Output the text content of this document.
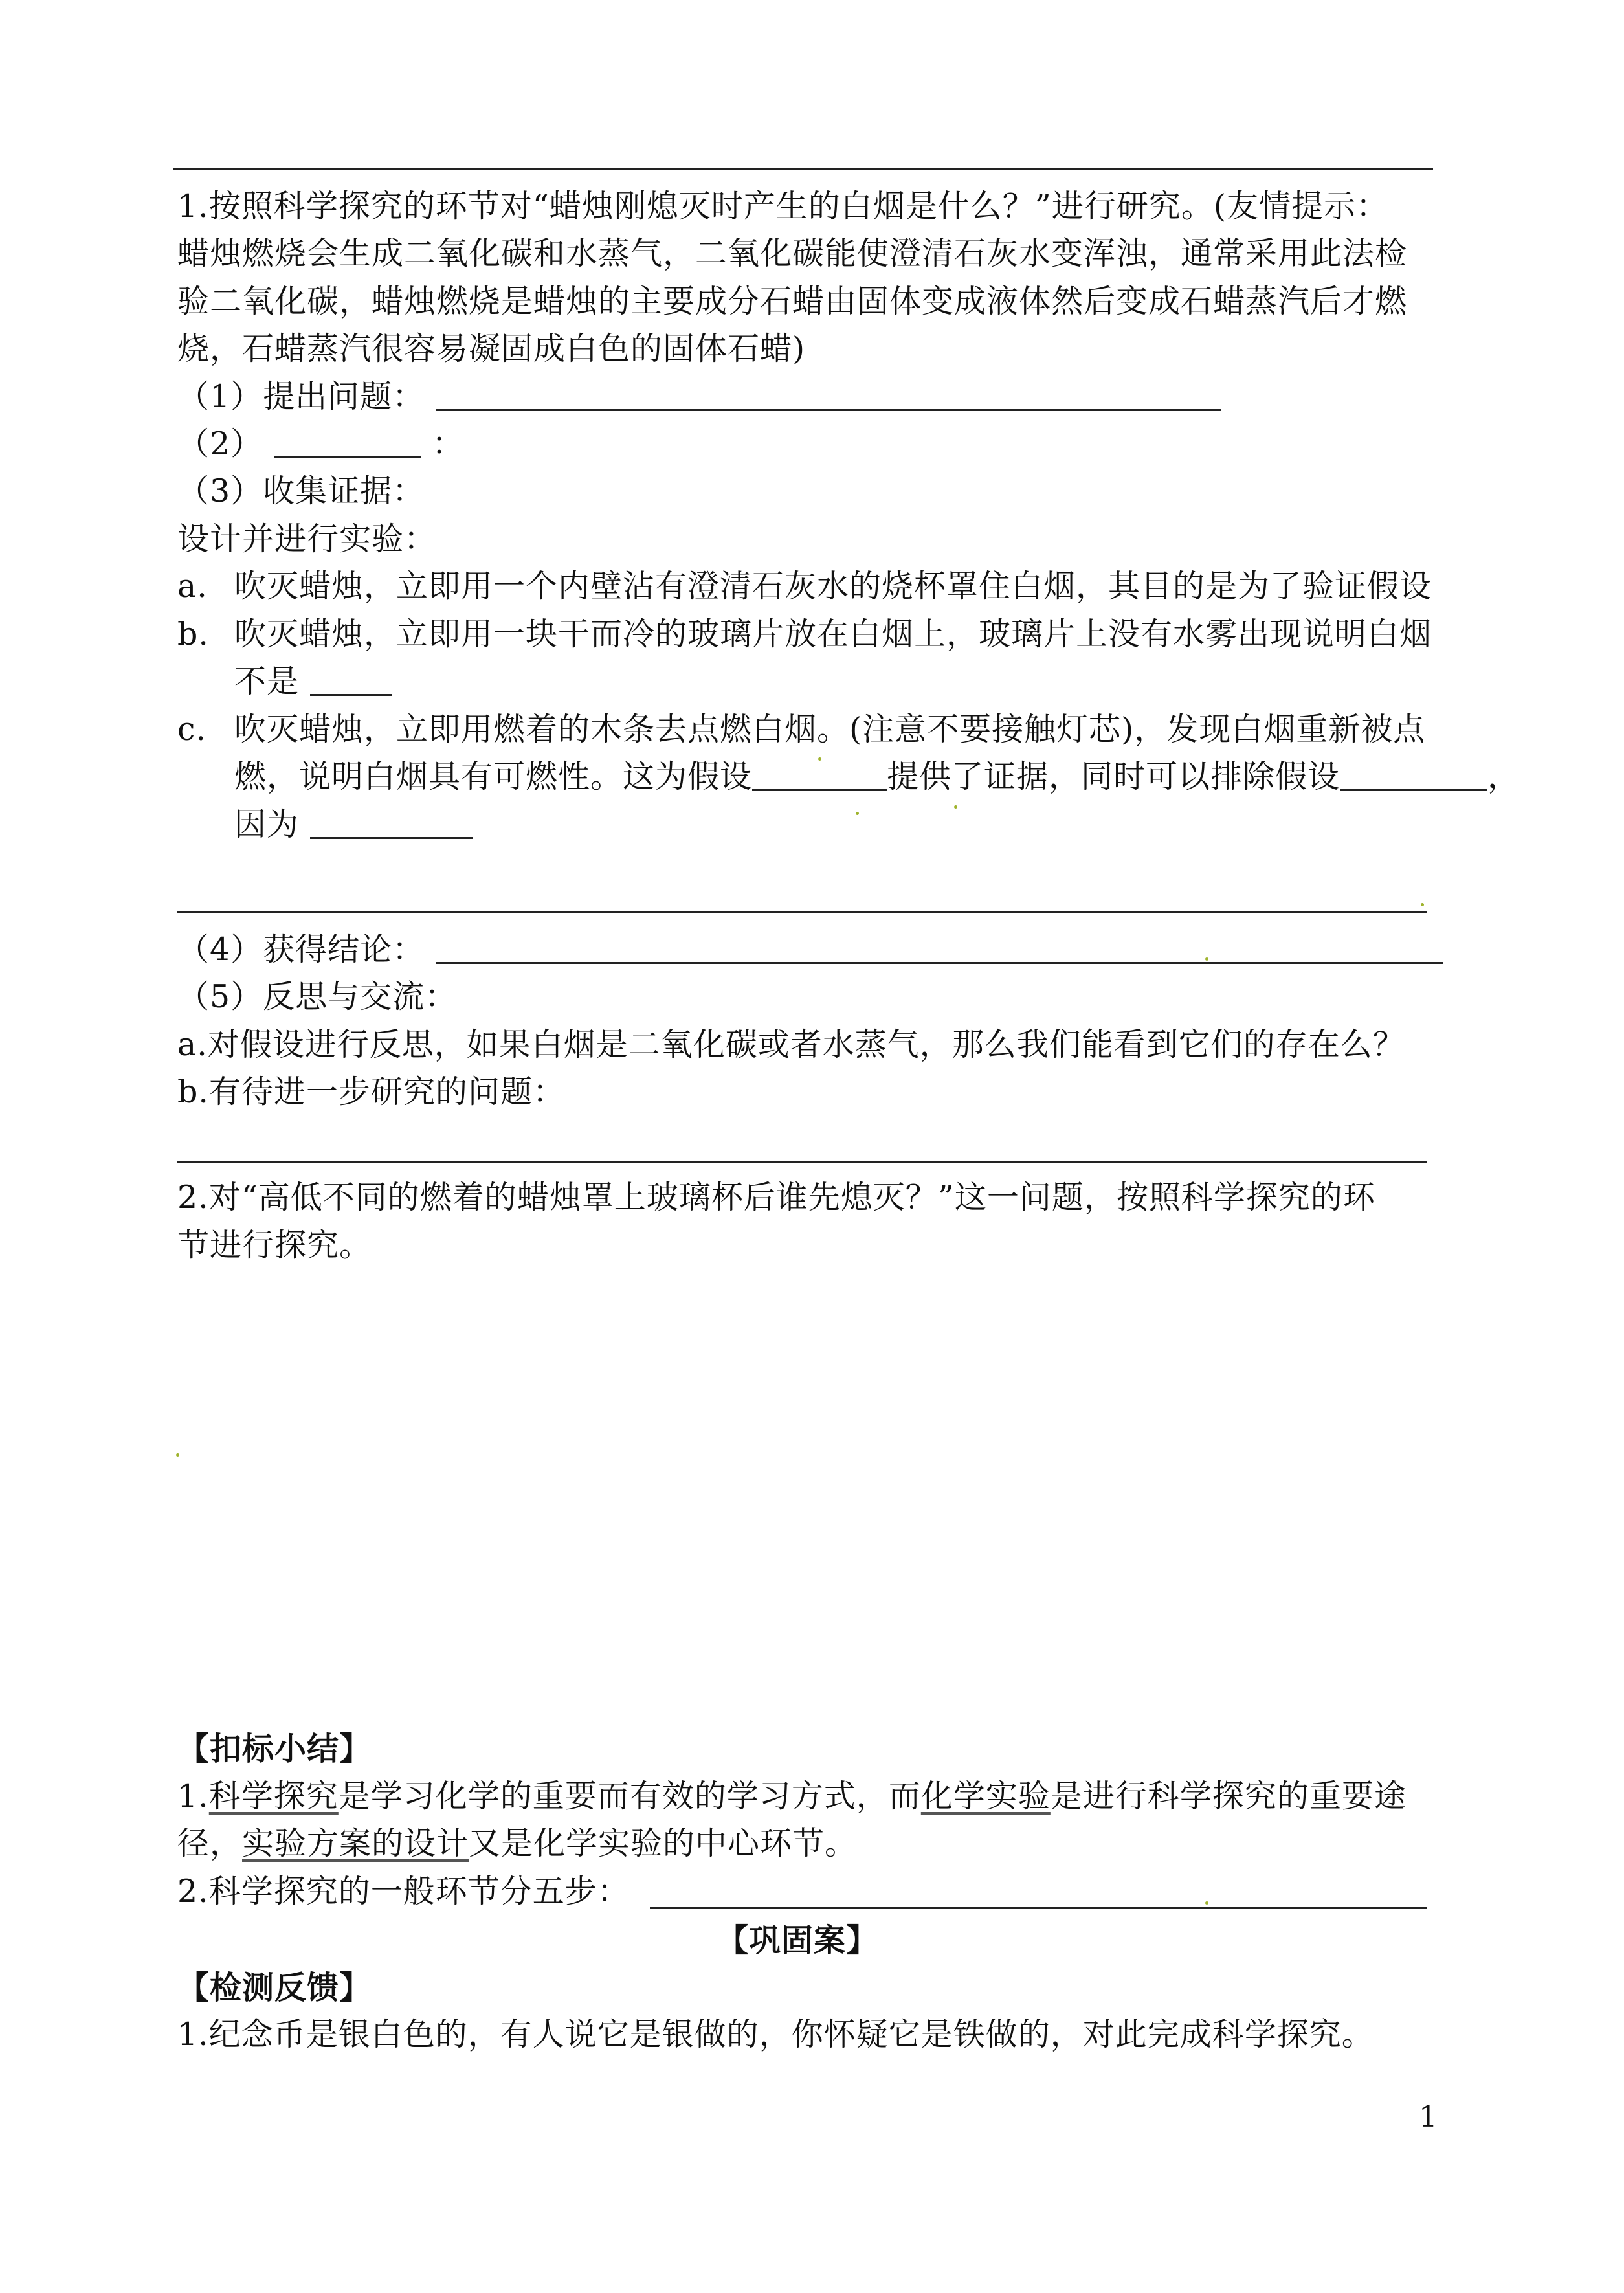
1.按照科学探究的环节对“蜡烛刚熄灭时产生的白烟是什么？”进行研究。(友情提示：
蜡烛燃烧会生成二氧化碳和水蒸气，二氧化碳能使澄清石灰水变浑浊，通常采用此法检
验二氧化碳，蜡烛燃烧是蜡烛的主要成分石蜡由固体变成液体然后变成石蜡蒸汽后才燃
烧，石蜡蒸汽很容易凝固成白色的固体石蜡)
（1）提出问题：
（2）	：
（3）收集证据：
设计并进行实验：
a. 吹灭蜡烛，立即用一个内壁沾有澄清石灰水的烧杯罩住白烟，其目的是为了验证假设
b. 吹灭蜡烛，立即用一块干而冷的玻璃片放在白烟上，玻璃片上没有水雾出现说明白烟
不是
c. 吹灭蜡烛，立即用燃着的木条去点燃白烟。(注意不要接触灯芯)，发现白烟重新被点
燃，说明白烟具有可燃性。这为假设	提供了证据，同时可以排除假设	，
因为
（4）获得结论：
（5）反思与交流：
a.对假设进行反思，如果白烟是二氧化碳或者水蒸气，那么我们能看到它们的存在么？
b.有待进一步研究的问题：
2.对“高低不同的燃着的蜡烛罩上玻璃杯后谁先熄灭？”这一问题，按照科学探究的环
节进行探究。
【扣标小结】
1.科学探究是学习化学的重要而有效的学习方式，而化学实验是进行科学探究的重要途
径，实验方案的设计又是化学实验的中心环节。
2.科学探究的一般环节分五步：
【巩固案】
【检测反馈】
1.纪念币是银白色的，有人说它是银做的，你怀疑它是铁做的，对此完成科学探究。
1
